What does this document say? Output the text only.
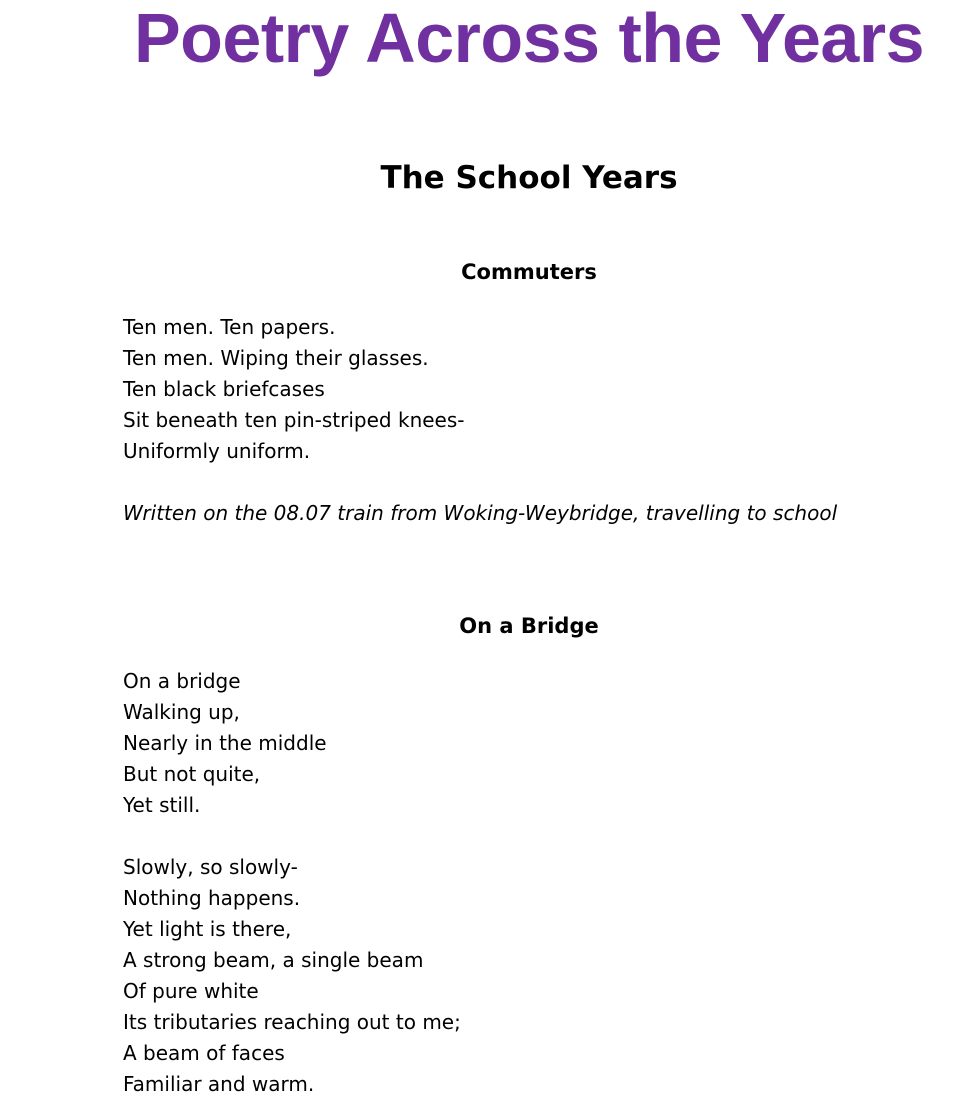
Poetry Across the Years
The School Years
Commuters
Ten men. Ten papers.
Ten men. Wiping their glasses.
Ten black briefcases
Sit beneath ten pin-striped knees-
Uniformly uniform.

Written on the 08.07 train from Woking-Weybridge, travelling to school

On a Bridge
On a bridge
Walking up,
Nearly in the middle
But not quite,
Yet still.
Slowly, so slowly-
Nothing happens.
Yet light is there,
A strong beam, a single beam
Of pure white
Its tributaries reaching out to me;
A beam of faces
Familiar and warm.
